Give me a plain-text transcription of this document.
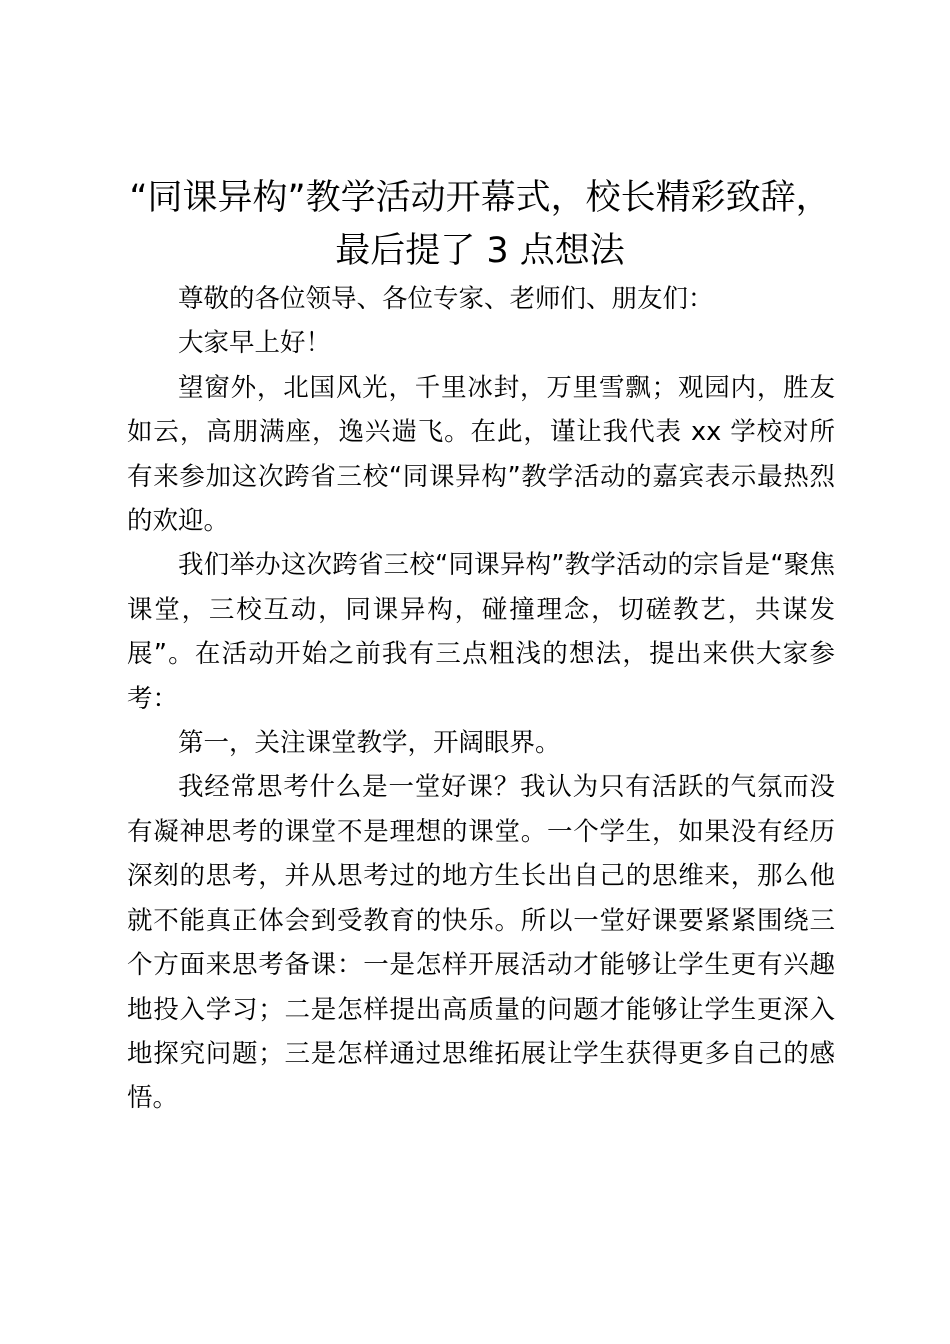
“同课异构”教学活动开幕式，校长精彩致辞，
最后提了 3 点想法

尊敬的各位领导、各位专家、老师们、朋友们：

大家早上好！

望窗外，北国风光，千里冰封，万里雪飘；观园内，胜友如云，高朋满座，逸兴遄飞。在此，谨让我代表 xx 学校对所有来参加这次跨省三校“同课异构”教学活动的嘉宾表示最热烈的欢迎。

我们举办这次跨省三校“同课异构”教学活动的宗旨是“聚焦课堂，三校互动，同课异构，碰撞理念，切磋教艺，共谋发展”。在活动开始之前我有三点粗浅的想法，提出来供大家参考：

第一，关注课堂教学，开阔眼界。

我经常思考什么是一堂好课？我认为只有活跃的气氛而没有凝神思考的课堂不是理想的课堂。一个学生，如果没有经历深刻的思考，并从思考过的地方生长出自己的思维来，那么他就不能真正体会到受教育的快乐。所以一堂好课要紧紧围绕三个方面来思考备课：一是怎样开展活动才能够让学生更有兴趣地投入学习；二是怎样提出高质量的问题才能够让学生更深入地探究问题；三是怎样通过思维拓展让学生获得更多自己的感悟。
